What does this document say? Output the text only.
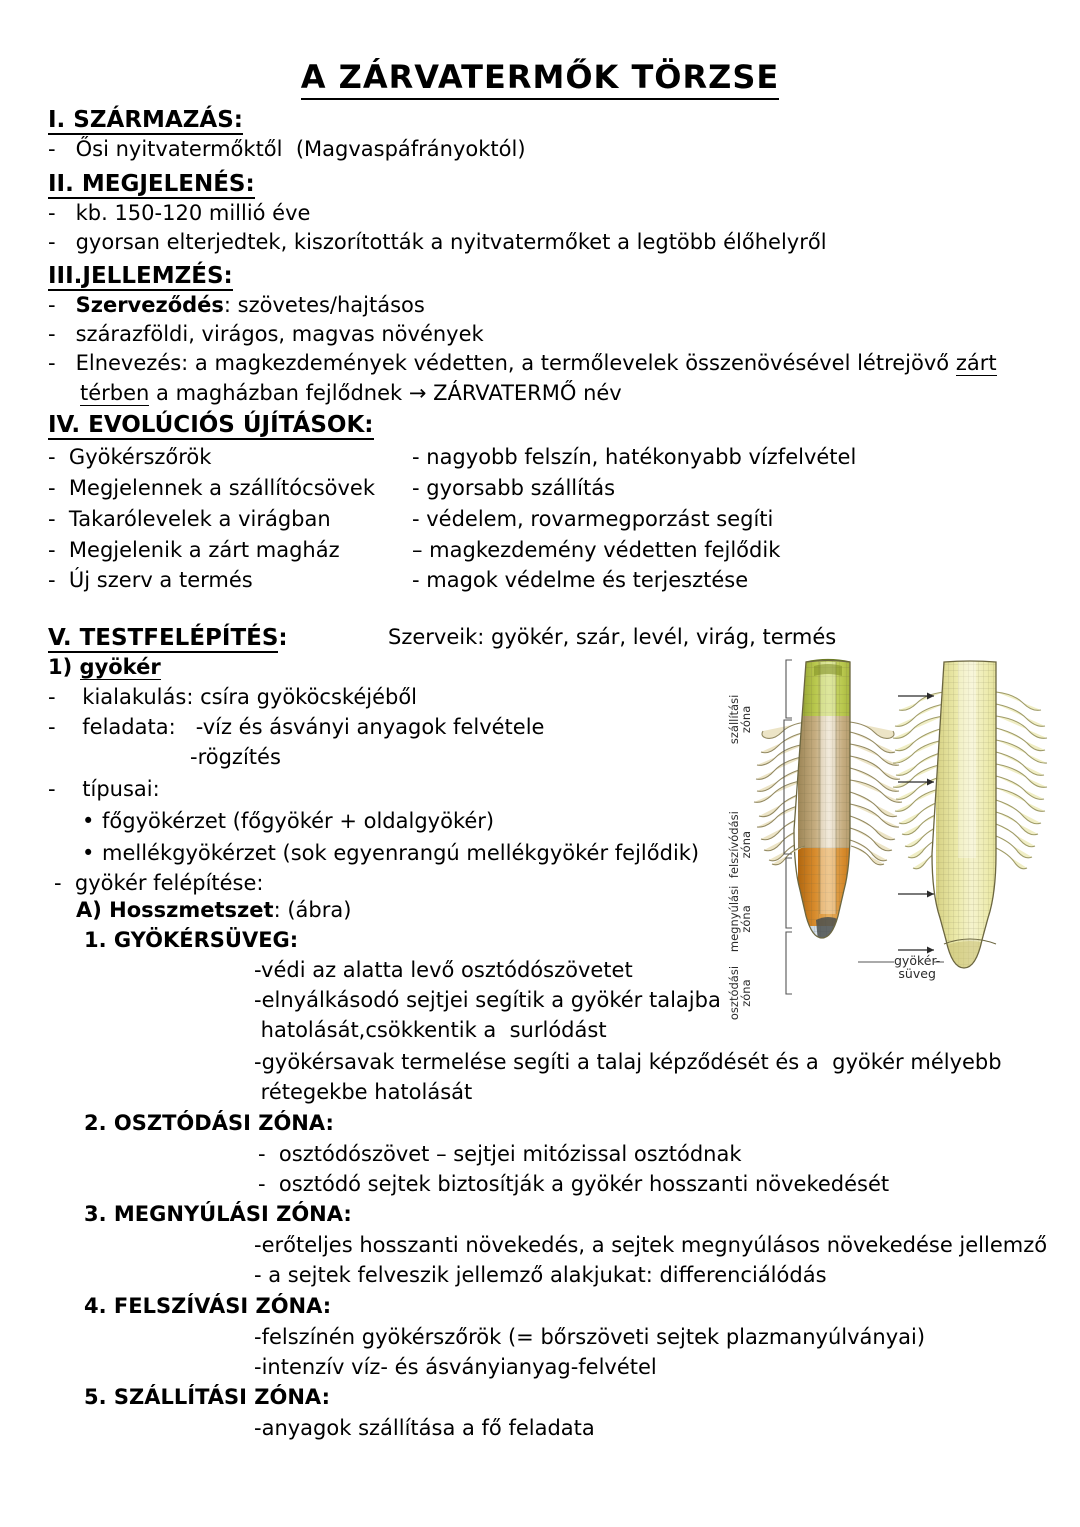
A ZÁRVATERMŐK TÖRZSE
I. SZÁRMAZÁS:
-   Ősi nyitvatermőktől  (Magvaspáfrányoktól)
II. MEGJELENÉS:
-   kb. 150-120 millió éve
-   gyorsan elterjedtek, kiszorították a nyitvatermőket a legtöbb élőhelyről
III.JELLEMZÉS:
-   Szerveződés: szövetes/hajtásos
-   szárazföldi, virágos, magvas növények
-   Elnevezés: a magkezdemények védetten, a termőlevelek összenövésével létrejövő zárt
térben a magházban fejlődnek → ZÁRVATERMŐ név
IV. EVOLÚCIÓS ÚJÍTÁSOK:
-  Gyökérszőrök	- nagyobb felszín, hatékonyabb vízfelvétel
-  Megjelennek a szállítócsövek - gyorsabb szállítás
-  Takarólevelek a virágban	- védelem, rovarmegporzást segíti
-  Megjelenik a zárt magház	– magkezdemény védetten fejlődik
-  Új szerv a termés	- magok védelme és terjesztése
V. TESTFELÉPÍTÉS:	Szerveik: gyökér, szár, levél, virág, termés
1) gyökér
-    kialakulás: csíra gyököcskéjéből
-    feladata:   -víz és ásványi anyagok felvétele
-rögzítés
-    típusai:
• főgyökérzet (főgyökér + oldalgyökér)
• mellékgyökérzet (sok egyenrangú mellékgyökér fejlődik)
-  gyökér felépítése:
A) Hosszmetszet: (ábra)
1. GYÖKÉRSÜVEG:
-védi az alatta levő osztódószövetet
-elnyálkásodó sejtjei segítik a gyökér talajba
hatolását,csökkentik a  surlódást
-gyökérsavak termelése segíti a talaj képződését és a  gyökér mélyebb
rétegekbe hatolását
2. OSZTÓDÁSI ZÓNA:
-  osztódószövet – sejtjei mitózissal osztódnak
-  osztódó sejtek biztosítják a gyökér hosszanti növekedését
3. MEGNYÚLÁSI ZÓNA:
-erőteljes hosszanti növekedés, a sejtek megnyúlásos növekedése jellemző
- a sejtek felveszik jellemző alakjukat: differenciálódás
4. FELSZÍVÁSI ZÓNA:
-felszínén gyökérszőrök (= bőrszöveti sejtek plazmanyúlványai)
-intenzív víz- és ásványianyag-felvétel
5. SZÁLLÍTÁSI ZÓNA:
-anyagok szállítása a fő feladata
szállítási
zóna
felszívódási
zóna
megnyúlási
zóna
osztódási
zóna
gyökér-
süveg
